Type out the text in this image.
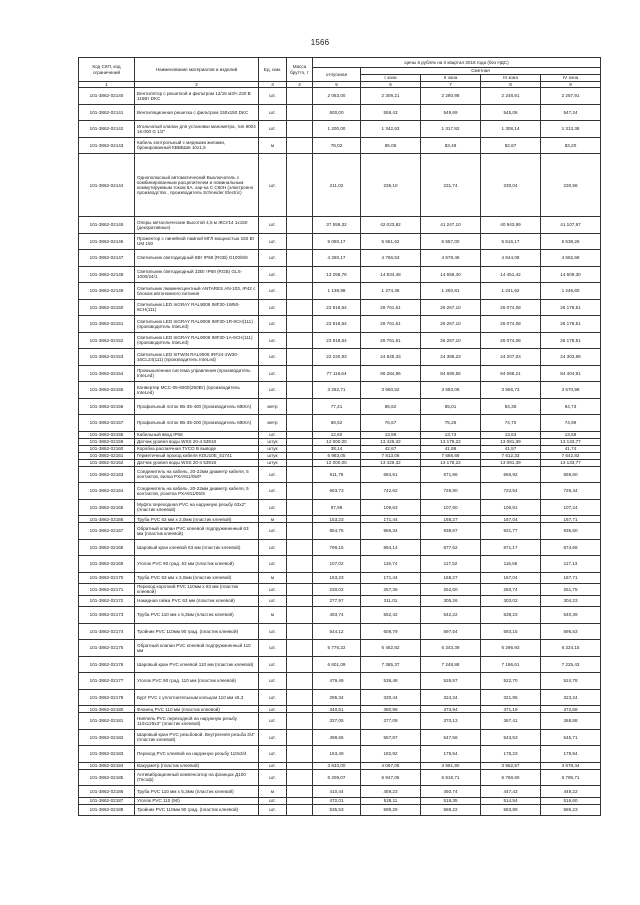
1566
Код СКП, код ограничений	Наименование материалов и изделий	Ед. изм.	Масса брутто, т	Цены в рублях на II квартал 2018 года (без НДС)				
				отпускная	Сметная			
					I зона	II зона	III зона	IV зона
1	2	3	4	5	6	7	8	9
101-3862-02140	Вентилятор с решеткой и фильтром 12/15 м3/ч 230 В 115Вт DKC	шт.		2 063,00	2 309,21	2 280,98	2 248,81	2 257,91
101-3862-02141	Вентиляционная решетка с фильтром 150х150 DKC	шт.		500,00	559,43	549,69	545,06	547,24
101-3862-02142	Игольчатый клапан для установки манометра, тип 8004 16.000 G 1/2"	шт.		1 200,00	1 342,63	1 317,82	1 308,14	1 313,38
101-3862-02143	Кабель контрольный с медными жилами, бронированный КВВБШв 10х1,5	м		78,02	85,05	83,48	82,87	83,20
101-3862-02144	Однополюсный автоматический Выключатель с комбинированным расцепителем и номинальным коммутируемым током 6А, хар-ка С C60H (электронно производство , производитель Schneider Electric)	шт.		211,02	236,10	231,74	230,04	230,96
101-3862-02145	Опоры металлические Высотой 4,5 м ЖСУ14 1х150 (декоративные)	шт.		37 559,32	42 023,82	41 247,10	40 943,99	41 107,97
101-3862-02146	Прожектор с линейной лампой МГЛ мощностью 150 Вт UM 150	шт.		5 060,17	5 661,62	5 557,00	5 516,17	5 538,26
101-3862-02147	Светильник светодиодный 8Вт IP68 (RGB) G100/8/8	шт.		4 260,17	4 766,53	4 678,46	4 644,08	4 662,68
101-3862-02148	Светильник светодиодный 32Вт IP68 (RGB) GLS-1000/24/1	шт.		13 258,78	14 834,48	14 559,40	14 451,42	14 509,30
101-3862-02149	Светильник люминесцентный ANTARES AN-103, IP42 с блоком автономного питания	шт.		1 138,98	1 274,36	1 250,81	1 241,62	1 246,60
101-3862-02150	Светильник LED InGRAY RAL9006 IMF30-1W50-6CH(111)	шт.		23 918,64	26 761,61	26 267,10	26 074,08	26 178,51
101-3862-02151	Светильник LED InGRAY RAL9006 IMF30-1R-6CH(111) (производитель InteLed)	шт.		23 918,64	26 761,61	26 267,10	26 074,08	26 178,51
101-3862-02152	Светильник LED InGRAY RAL9006 IMF30-1A-6CH(111) (производитель InteLed)	шт.		23 918,64	26 761,61	26 267,10	26 074,08	26 178,51
101-3862-02153	Светильник LED InTWIN RAL9006 IRF24-1W30-16CL24(111) (производитель InteLed)	шт.		22 220,93	24 845,33	24 386,23	24 207,03	24 303,98
101-3862-02154	Промышленная система управления (производитель InteLed)	шт.		77 118,64	86 284,96	84 690,56	84 068,21	84 404,91
101-3862-02155	Конвертер MCC-05-6000(250Вт) (производитель InteLed)	шт.		3 262,71	3 650,52	3 583,06	3 556,73	3 570,98
101-3862-02156	Профильный лоток КБ-35-400 (производитель МЕКА)	метр		77,41	86,62	85,01	84,39	84,73
101-3862-02157	Профильный лоток КБ-35-200 (производитель МЕКА)	метр		68,52	76,67	75,25	74,70	74,99
101-3862-02158	Кабельный ввод IP68	шт.		12,50	13,99	13,73	13,63	13,68
101-3862-02159	Датчик уровня воды WSS 20-4 53918	штук		12 000,00	13 426,32	13 178,22	13 081,39	13 133,77
101-3862-02160	Коробка распаячная ТУСО В выводе	штук		38,14	42,67	41,88	41,57	41,74
101-3862-02161	Герметичный проход кабеля KDU10E_51741	штук		6 983,05	7 813,06	7 668,68	7 612,33	7 642,82
101-3862-02162	Датчик уровня воды WSS 20-4 53918	штук		12 000,00	13 426,32	13 178,22	13 081,39	13 133,77
101-3862-02163	Соединитель на кабель, 20-22мм диаметр кабеля, 5 контактов, вилка PXA911/05/P	шт.		611,79	684,51	671,86	666,92	669,60
101-3862-02164	Соединитель на кабель, 20-22мм диаметр кабеля, 5 контактов, розетка PXA911/05/S	шт.		663,73	742,62	728,90	723,54	726,44
101-3862-02165	Муфта переходная PVC на наружную резьбу 63х2" (пластик клеевой)	шт.		97,98	109,63	107,60	106,81	107,24
101-3862-02166	Труба PVC 63 мм х 3,0мм (пластик клеевой)	м		153,23	171,44	168,27	167,04	167,71
101-3862-02167	Обратный клапан PVC клеевой подпружиненный 63 мм (пластик клеевой)	шт.		854,75	956,34	938,67	931,77	935,50
101-3862-02168	Шаровый кран клеевой 63 мм (пластик клеевой)	шт.		799,15	894,14	877,62	871,17	874,66
101-3862-02169	Уголок PVC 90 град. 63 мм (пластик клеевой)	шт.		107,02	119,74	117,52	116,66	117,13
101-3862-02170	Труба PVC 63 мм х 3,0мм (пластик клеевой)	м		153,23	171,44	168,27	167,04	167,71
101-3862-02171	Переход короткий PVC 110мм х 63 мм (пластик клеевой)	шт.		230,02	257,36	252,60	250,74	251,75
101-3862-02172	Накидная гайка PVC 63 мм (пластик клеевой)	шт.		277,97	311,01	305,26	303,02	304,23
101-3862-02173	Труба PVC 110 мм х 5,3мм (пластик клеевой)	м		493,74	552,42	542,22	538,23	540,39
101-3862-02174	Тройник PVC 110мм 90 град. (пластик клеевой)	шт.		544,12	608,79	597,54	593,15	595,53
101-3862-02175	Обратный клапан PVC клеевой подпружиненный 110 мм	шт.		5 776,22	6 462,82	6 343,39	6 296,93	6 324,15
101-3862-02176	Шаровый кран PVC клеевой 110 мм (пластик клеевой)	шт.		6 601,09	7 385,37	7 248,88	7 196,61	7 225,43
101-3862-02177	Уголок PVC 90 град. 110 мм (пластик клеевой)	шт.		479,49	536,48	526,57	522,70	524,78
101-3862-02178	Бурт PVC с уплотнительным кольцом 110 мм х5,3	шт.		295,34	330,44	324,34	321,95	323,24
101-3862-02180	Фланец PVC 110 мм (пластик клеевой)	шт.		340,51	380,98	373,94	371,19	372,68
101-3862-02181	Ниппель PVC переходной на наружную резьбу 110х125х3" (пластик клеевой)	шт.		337,05	377,09	370,13	367,41	368,88
101-3862-02182	Шаровый кран PVC резьбовой. Внутренняя резьба 3/4" (пластик клеевой)	шт.		498,66	557,87	547,56	543,53	545,71
101-3862-02183	Переход PVC клеевой на наружную резьбу 110х3/4	шт.		163,49	182,92	179,54	178,23	178,94
101-3862-02184	Вакууметр (пластик клеевой)	шт.		3 633,00	4 067,05	3 991,90	3 962,57	3 978,44
101-3862-02185	Антивибрационный компенсатор на фланцах Д100 (Гесоф)	шт.		6 209,07	6 947,05	6 818,71	6 768,60	6 795,71
101-3862-02186	Труба PVC 110 мм х 5,3мм (пластик клеевой)	м		410,44	459,23	450,74	447,43	449,22
101-3862-02187	Уголок PVC 110 (90)	шт.		472,01	528,11	518,35	514,54	516,60
101-3862-02188	Тройник PVC 110мм 90 град. (пластик клеевой)	шт.		535,53	599,29	588,22	583,89	586,23
